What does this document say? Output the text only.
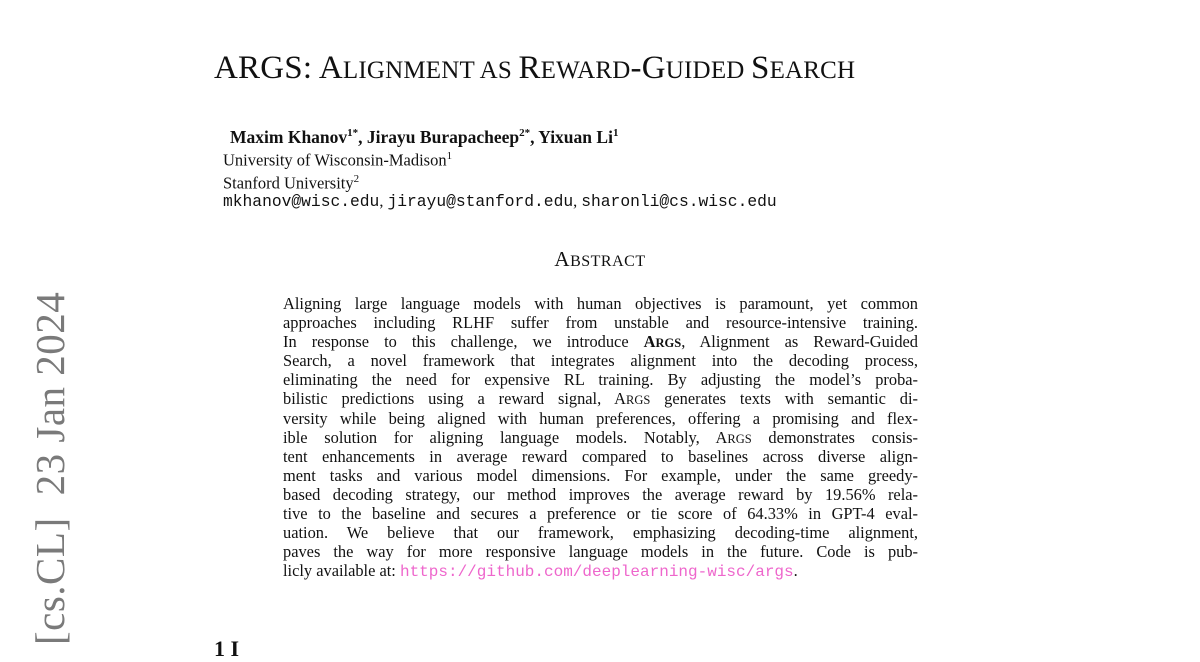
ARGS: ALIGNMENT AS REWARD-GUIDED SEARCH
Maxim Khanov$^{1*}$, Jirayu Burapacheep$^{2*}$, Yixuan Li$^1$
University of Wisconsin-Madison$^1$
Stanford University$^2$
mkhanov@wisc.edu, jirayu@stanford.edu, sharonli@cs.wisc.edu
ABSTRACT
Aligning large language models with human objectives is paramount, yet common
approaches including RLHF suffer from unstable and resource-intensive training.
In response to this challenge, we introduce ARGS, Alignment as Reward-Guided
Search, a novel framework that integrates alignment into the decoding process,
eliminating the need for expensive RL training. By adjusting the model’s proba-
bilistic predictions using a reward signal, ARGS generates texts with semantic di-
versity while being aligned with human preferences, offering a promising and flex-
ible solution for aligning language models. Notably, ARGS demonstrates consis-
tent enhancements in average reward compared to baselines across diverse align-
ment tasks and various model dimensions. For example, under the same greedy-
based decoding strategy, our method improves the average reward by 19.56% rela-
tive to the baseline and secures a preference or tie score of 64.33% in GPT-4 eval-
uation. We believe that our framework, emphasizing decoding-time alignment,
paves the way for more responsive language models in the future. Code is pub-
licly available at: https://github.com/deeplearning-wisc/args.
[cs.CL]23 Jan 2024
1 I
